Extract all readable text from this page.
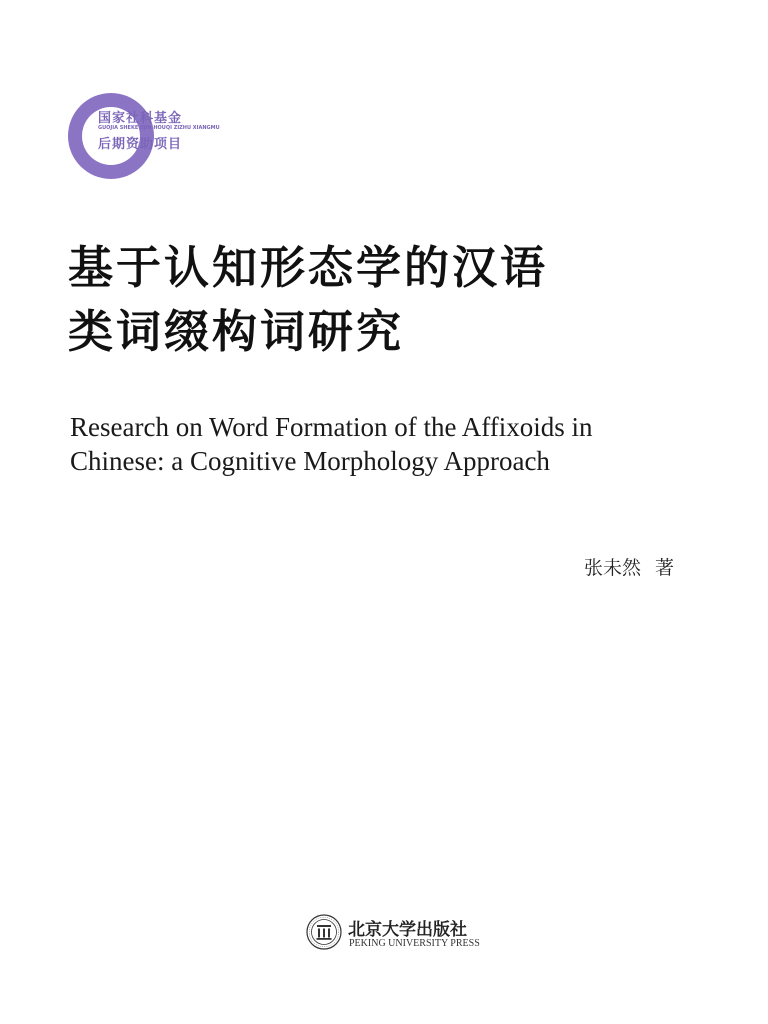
国家社科基金
GUOJIA SHEKE JIJIN HOUQI ZIZHU XIANGMU
后期资助项目
基于认知形态学的汉语
类词缀构词研究
Research on Word Formation of the Affixoids in
Chinese: a Cognitive Morphology Approach
张未然 著
北京大学出版社
PEKING UNIVERSITY PRESS
